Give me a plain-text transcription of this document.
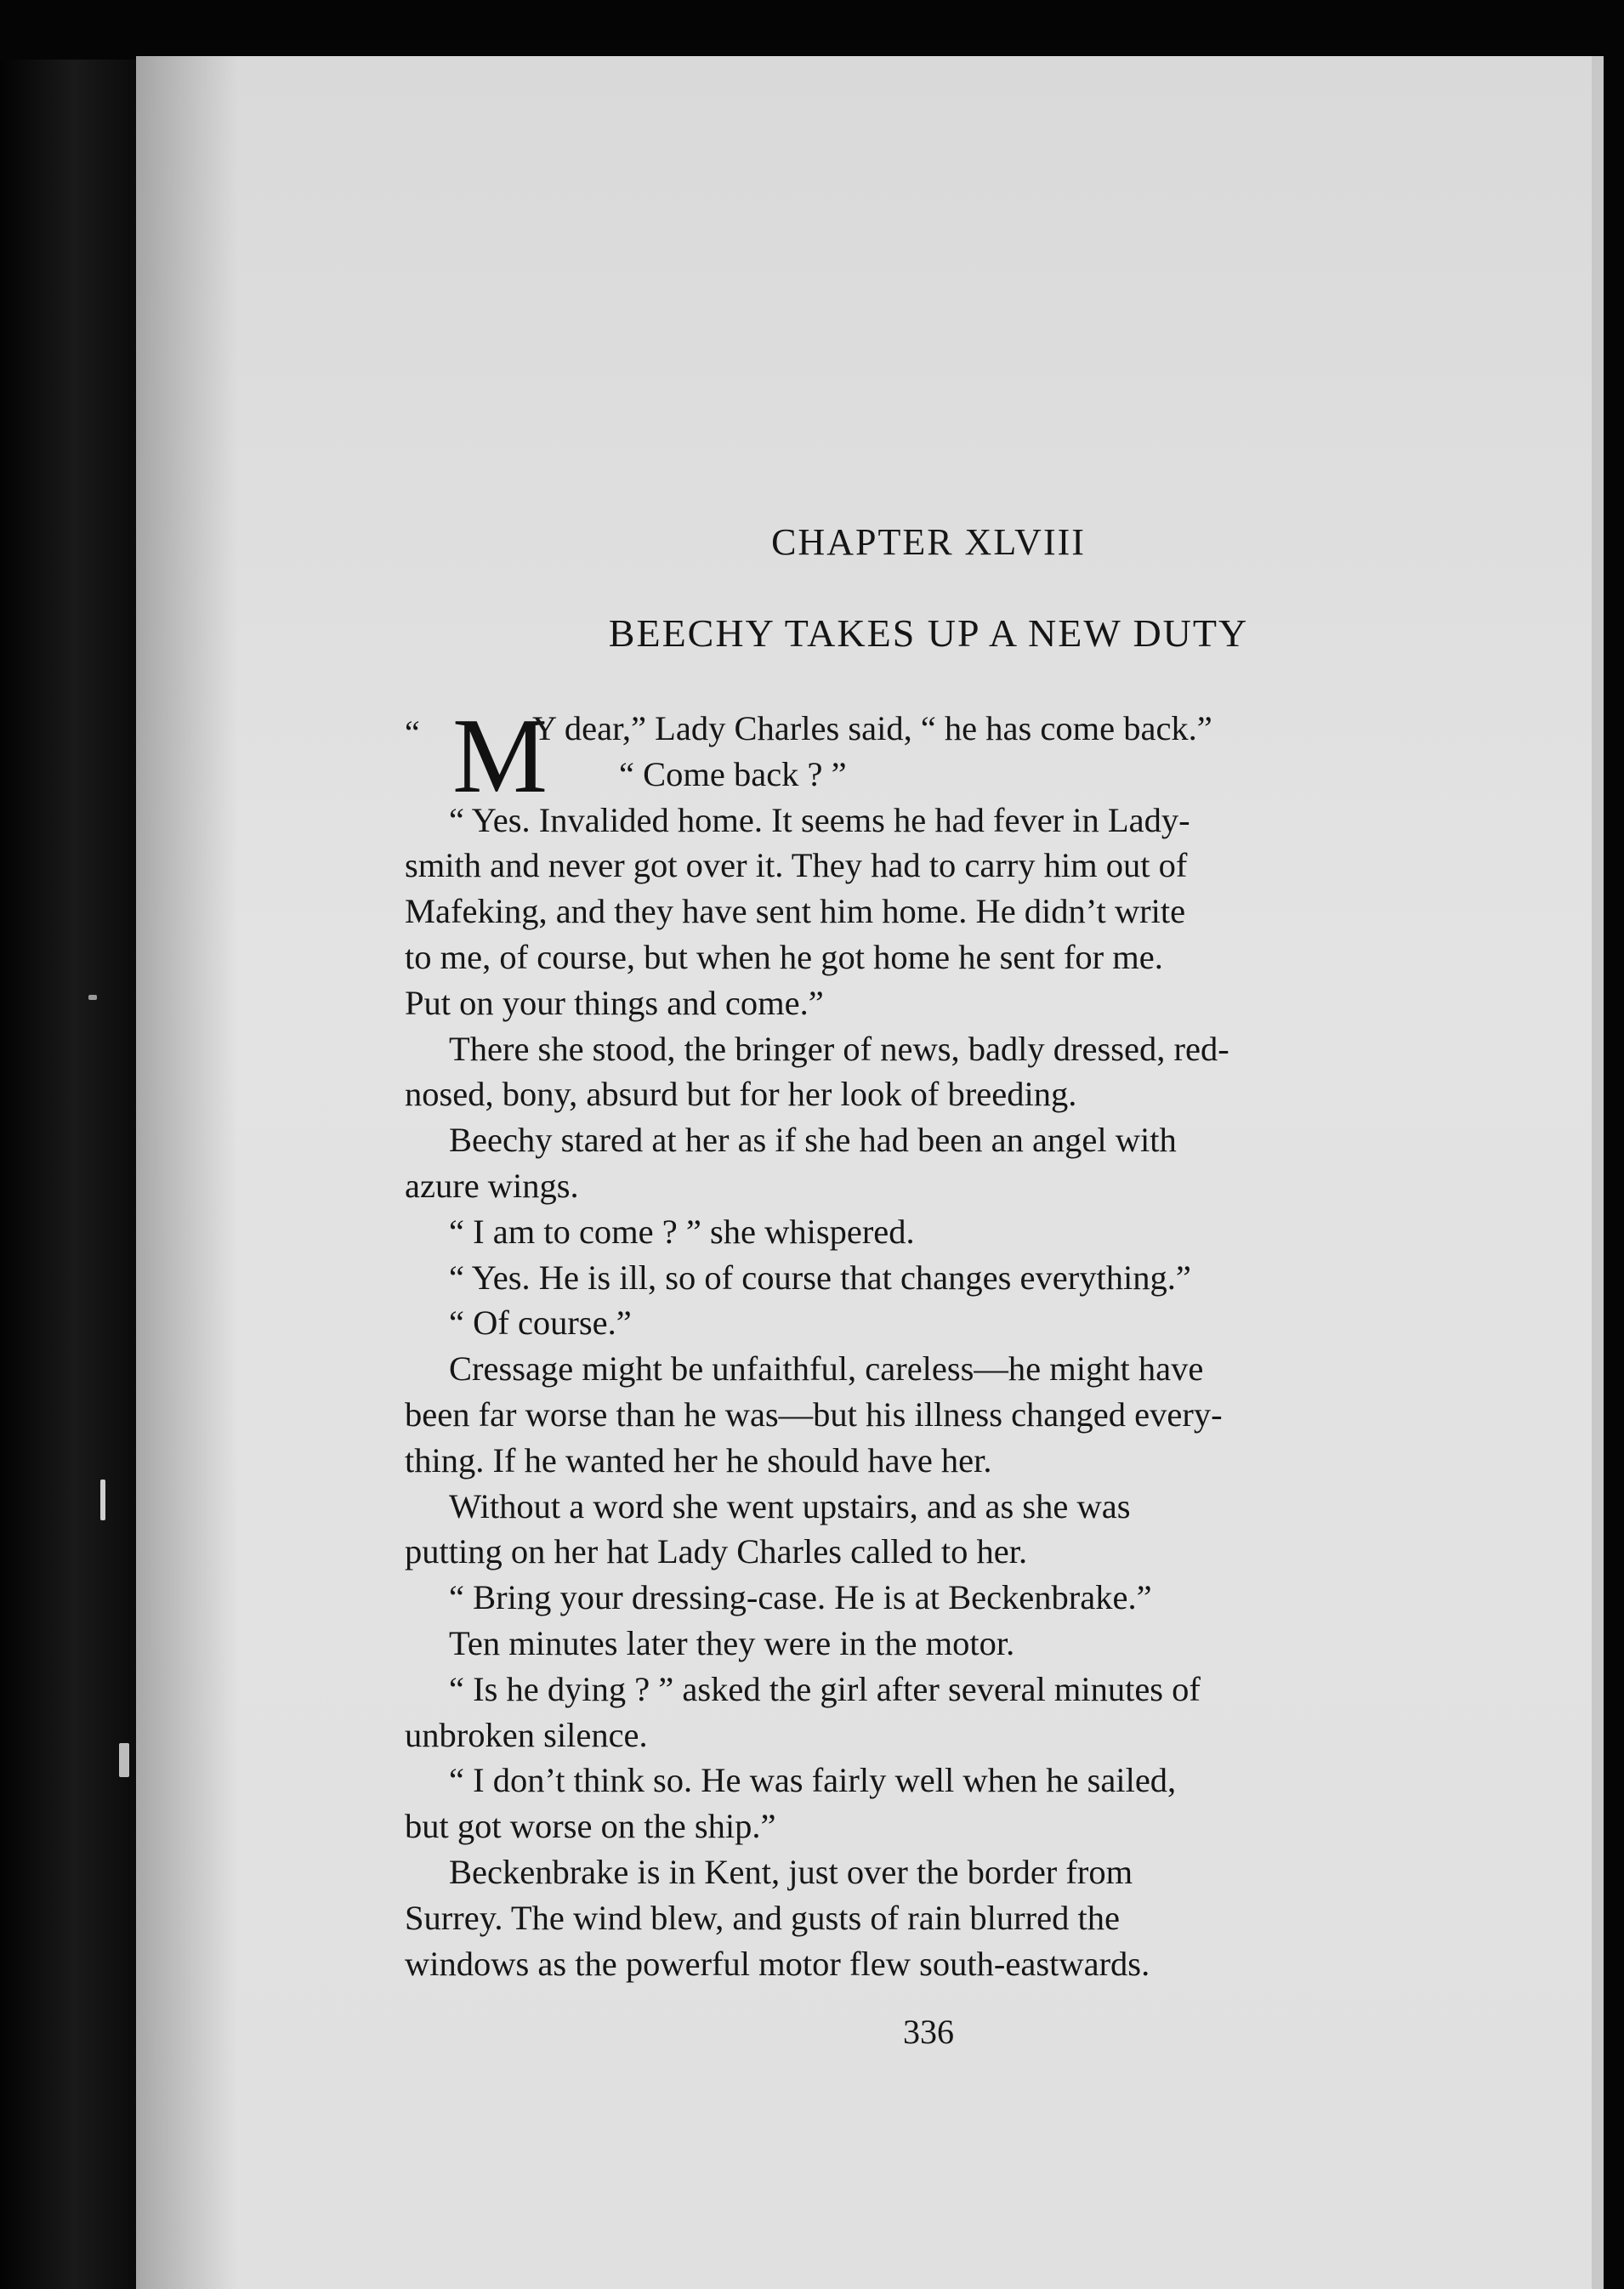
CHAPTER XLVIII
BEECHY TAKES UP A NEW DUTY
“ M
Y dear,” Lady Charles said, “ he has come back.”
“ Come back ? ”
“ Yes. Invalided home. It seems he had fever in Lady-
smith and never got over it. They had to carry him out of
Mafeking, and they have sent him home. He didn’t write
to me, of course, but when he got home he sent for me.
Put on your things and come.”
There she stood, the bringer of news, badly dressed, red-
nosed, bony, absurd but for her look of breeding.
Beechy stared at her as if she had been an angel with
azure wings.
“ I am to come ? ” she whispered.
“ Yes. He is ill, so of course that changes everything.”
“ Of course.”
Cressage might be unfaithful, careless—he might have
been far worse than he was—but his illness changed every-
thing. If he wanted her he should have her.
Without a word she went upstairs, and as she was
putting on her hat Lady Charles called to her.
“ Bring your dressing-case. He is at Beckenbrake.”
Ten minutes later they were in the motor.
“ Is he dying ? ” asked the girl after several minutes of
unbroken silence.
“ I don’t think so. He was fairly well when he sailed,
but got worse on the ship.”
Beckenbrake is in Kent, just over the border from
Surrey. The wind blew, and gusts of rain blurred the
windows as the powerful motor flew south-eastwards.
336
